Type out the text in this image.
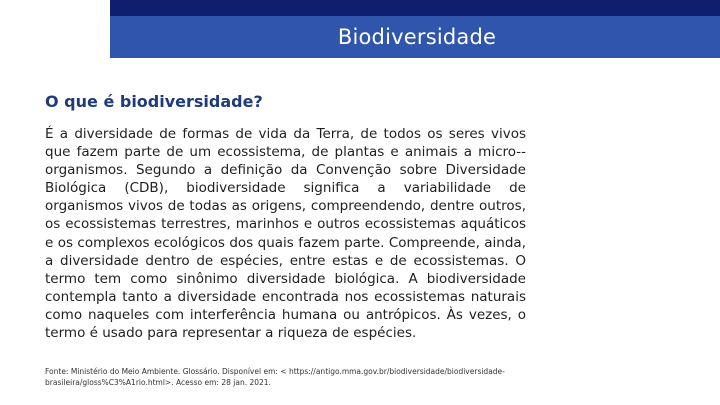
Biodiversidade
O que é biodiversidade?

É a diversidade de formas de vida da Terra, de todos os seres vivos que fazem parte de um ecossistema, de plantas e animais a micro--organismos. Segundo a definição da Convenção sobre Diversidade Biológica (CDB), biodiversidade significa a variabilidade de organismos vivos de todas as origens, compreendendo, dentre outros, os ecossistemas terrestres, marinhos e outros ecossistemas aquáticos e os complexos ecológicos dos quais fazem parte. Compreende, ainda, a diversidade dentro de espécies, entre estas e de ecossistemas. O termo tem como sinônimo diversidade biológica. A biodiversidade contempla tanto a diversidade encontrada nos ecossistemas naturais como naqueles com interferência humana ou antrópicos. Às vezes, o termo é usado para representar a riqueza de espécies.

Fonte: Ministério do Meio Ambiente. Glossário. Disponível em: < https://antigo.mma.gov.br/biodiversidade/biodiversidade-brasileira/gloss%C3%A1rio.html>. Acesso em: 28 jan. 2021.
